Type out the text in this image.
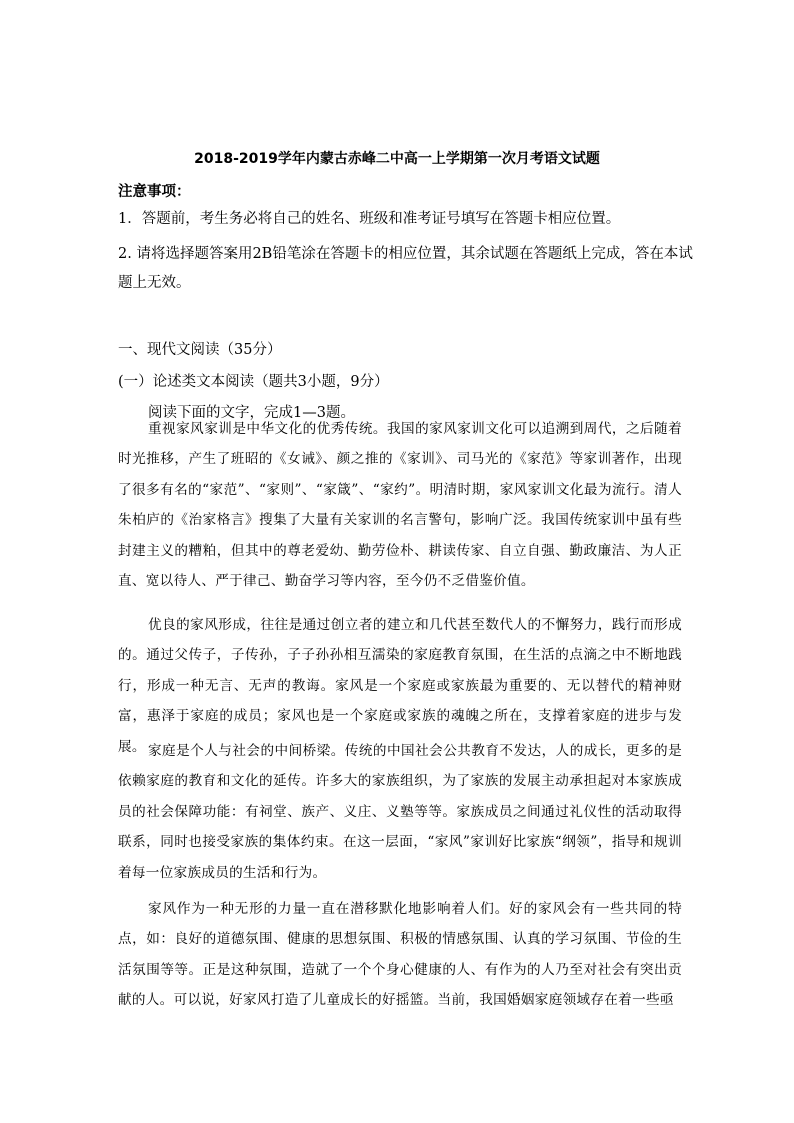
2018-2019学年内蒙古赤峰二中高一上学期第一次月考语文试题
注意事项：
1．答题前，考生务必将自己的姓名、班级和准考证号填写在答题卡相应位置。
2. 请将选择题答案用2B铅笔涂在答题卡的相应位置，其余试题在答题纸上完成，答在本试
题上无效。
一、现代文阅读（35分）
(一）论述类文本阅读（题共3小题，9分）
阅读下面的文字，完成1—3题。

重视家风家训是中华文化的优秀传统。我国的家风家训文化可以追溯到周代，之后随着时光推移，产生了班昭的《女诫》、颜之推的《家训》、司马光的《家范》等家训著作，出现了很多有名的“家范”、“家则”、“家箴”、“家约”。明清时期，家风家训文化最为流行。清人朱柏庐的《治家格言》搜集了大量有关家训的名言警句，影响广泛。我国传统家训中虽有些封建主义的糟粕，但其中的尊老爱幼、勤劳俭朴、耕读传家、自立自强、勤政廉洁、为人正直、宽以待人、严于律己、勤奋学习等内容，至今仍不乏借鉴价值。

优良的家风形成，往往是通过创立者的建立和几代甚至数代人的不懈努力，践行而形成的。通过父传子，子传孙，子子孙孙相互濡染的家庭教育氛围，在生活的点滴之中不断地践行，形成一种无言、无声的教诲。家风是一个家庭或家族最为重要的、无以替代的精神财富，惠泽于家庭的成员；家风也是一个家庭或家族的魂魄之所在，支撑着家庭的进步与发展。 家庭是个人与社会的中间桥梁。传统的中国社会公共教育不发达，人的成长，更多的是依赖家庭的教育和文化的延传。许多大的家族组织，为了家族的发展主动承担起对本家族成员的社会保障功能：有祠堂、族产、义庄、义塾等等。家族成员之间通过礼仪性的活动取得联系，同时也接受家族的集体约束。在这一层面，“家风”家训好比家族“纲领”，指导和规训着每一位家族成员的生活和行为。

家风作为一种无形的力量一直在潜移默化地影响着人们。好的家风会有一些共同的特点，如：良好的道德氛围、健康的思想氛围、积极的情感氛围、认真的学习氛围、节俭的生活氛围等等。正是这种氛围，造就了一个个身心健康的人、有作为的人乃至对社会有突出贡献的人。可以说，好家风打造了儿童成长的好摇篮。当前，我国婚姻家庭领域存在着一些亟
